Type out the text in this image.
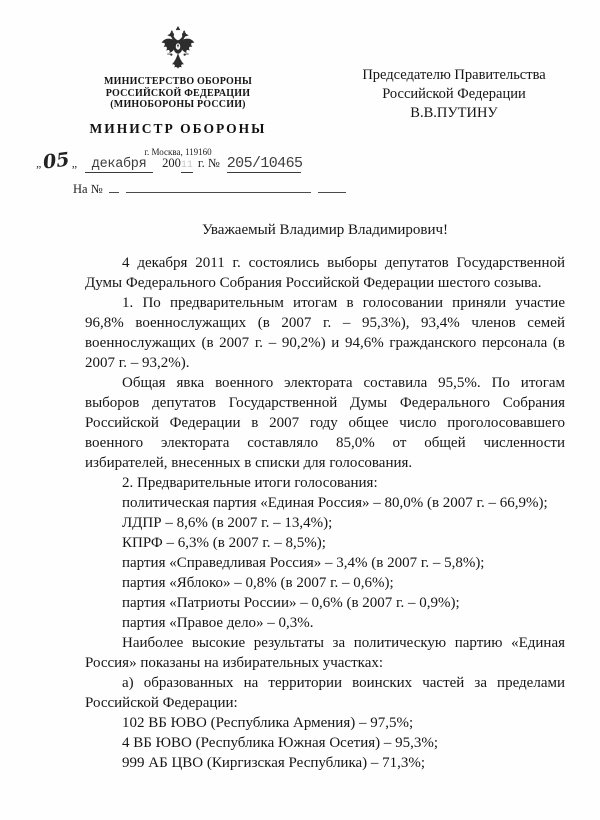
МИНИСТЕРСТВО ОБОРОНЫ
РОССИЙСКОЙ ФЕДЕРАЦИИ
(МИНОБОРОНЫ РОССИИ)
МИНИСТР ОБОРОНЫ
г. Москва, 119160
Председателю Правительства
Российской Федерации
В.В.ПУТИНУ
„ 05 „	декабря	200 11 г. № 205/10465
На №

Уважаемый Владимир Владимирович!

4 декабря 2011 г. состоялись выборы депутатов Государственной Думы Федерального Собрания Российской Федерации шестого созыва.

1. По предварительным итогам в голосовании приняли участие 96,8% военнослужащих (в 2007 г. – 95,3%), 93,4% членов семей военнослужащих (в 2007 г. – 90,2%) и 94,6% гражданского персонала (в 2007 г. – 93,2%).

Общая явка военного электората составила 95,5%. По итогам выборов депутатов Государственной Думы Федерального Собрания Российской Федерации в 2007 году общее число проголосовавшего военного электората составляло 85,0% от общей численности избирателей, внесенных в списки для голосования.

2. Предварительные итоги голосования:

политическая партия «Единая Россия» – 80,0% (в 2007 г. – 66,9%);

ЛДПР – 8,6% (в 2007 г. – 13,4%);

КПРФ – 6,3% (в 2007 г. – 8,5%);

партия «Справедливая Россия» – 3,4% (в 2007 г. – 5,8%);

партия «Яблоко» – 0,8% (в 2007 г. – 0,6%);

партия «Патриоты России» – 0,6% (в 2007 г. – 0,9%);

партия «Правое дело» – 0,3%.

Наиболее высокие результаты за политическую партию «Единая Россия» показаны на избирательных участках:

а) образованных на территории воинских частей за пределами Российской Федерации:

102 ВБ ЮВО (Республика Армения) – 97,5%;

4 ВБ ЮВО (Республика Южная Осетия) – 95,3%;

999 АБ ЦВО (Киргизская Республика) – 71,3%;
